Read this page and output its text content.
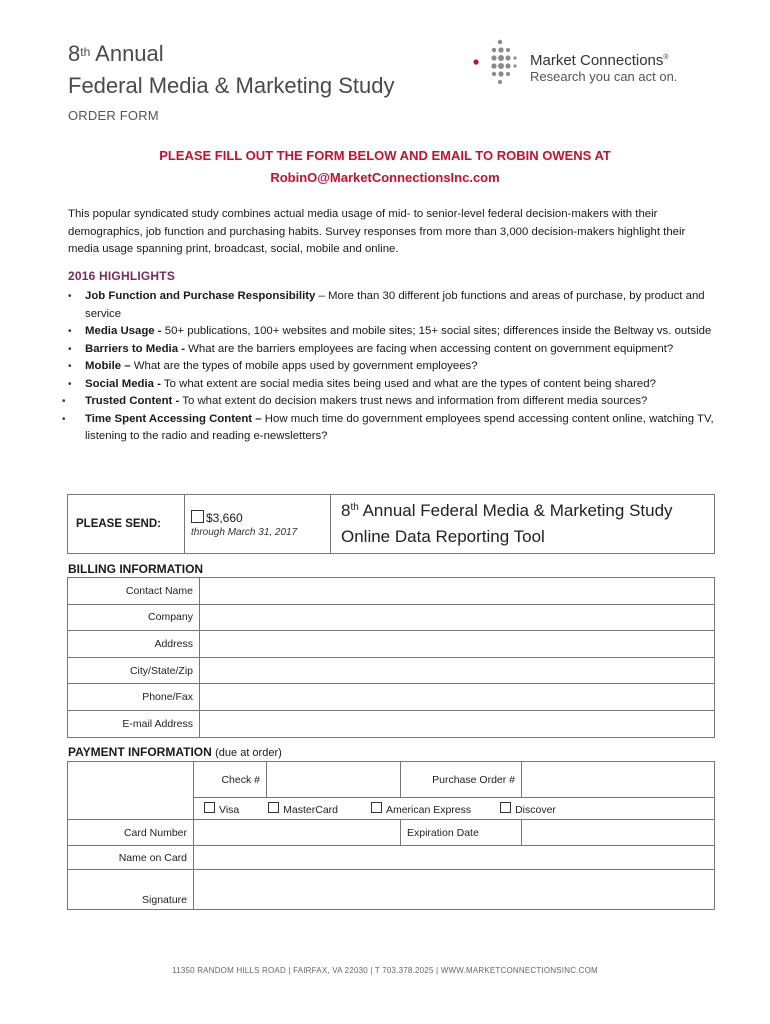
8th Annual
Federal Media & Marketing Study
ORDER FORM
Market Connections®
Research you can act on.
PLEASE FILL OUT THE FORM BELOW AND EMAIL TO ROBIN OWENS AT
RobinO@MarketConnectionsInc.com
This popular syndicated study combines actual media usage of mid- to senior-level federal decision-makers with their demographics, job function and purchasing habits. Survey responses from more than 3,000 decision-makers highlight their media usage spanning print, broadcast, social, mobile and online.
2016 HIGHLIGHTS
• Job Function and Purchase Responsibility – More than 30 different job functions and areas of purchase, by product and service
• Media Usage - 50+ publications, 100+ websites and mobile sites; 15+ social sites; differences inside the Beltway vs. outside
• Barriers to Media - What are the barriers employees are facing when accessing content on government equipment?
• Mobile – What are the types of mobile apps used by government employees?
• Social Media - To what extent are social media sites being used and what are the types of content being shared?
• Trusted Content - To what extent do decision makers trust news and information from different media sources?
• Time Spent Accessing Content – How much time do government employees spend accessing content online, watching TV, listening to the radio and reading e-newsletters?
PLEASE SEND:	$3,660
through March 31, 2017

8th Annual Federal Media & Marketing Study
Online Data Reporting Tool
BILLING INFORMATION
Contact Name	
Company	
Address	
City/State/Zip	
Phone/Fax	
E-mail Address	
PAYMENT INFORMATION (due at order)
	Check #		Purchase Order #	
	Visa MasterCard American Express Discover			
Card Number			Expiration Date	
Name on Card				
Signature				
11350 RANDOM HILLS ROAD | FAIRFAX, VA 22030 | T 703.378.2025 | WWW.MARKETCONNECTIONSINC.COM
